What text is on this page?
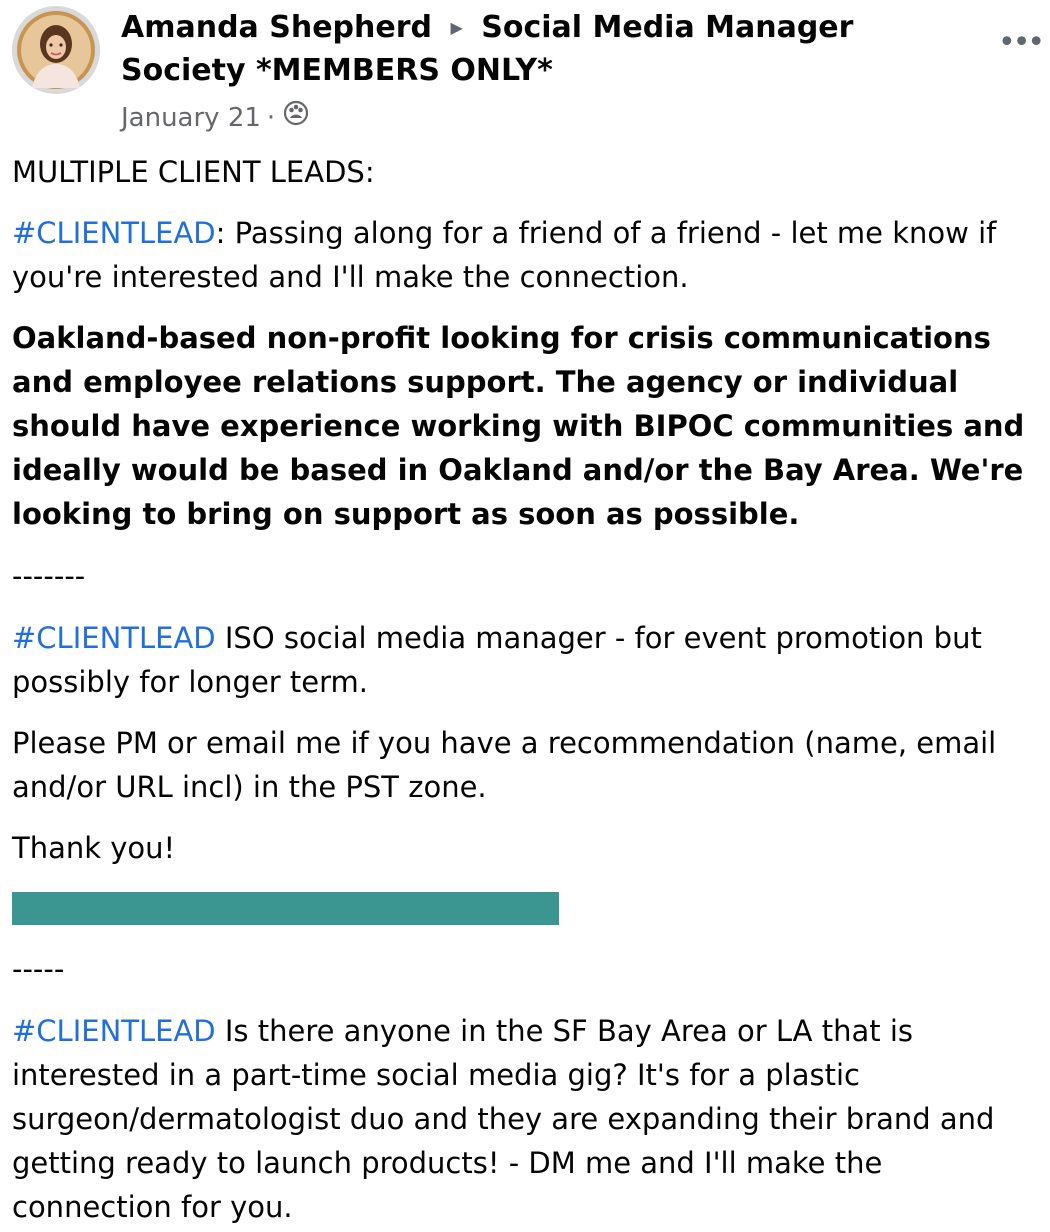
Amanda Shepherd ▶ Social Media Manager Society *MEMBERS ONLY*
•••
January 21 ·

MULTIPLE CLIENT LEADS:

#CLIENTLEAD: Passing along for a friend of a friend - let me know if you're interested and I'll make the connection.

Oakland-based non-profit looking for crisis communications and employee relations support. The agency or individual should have experience working with BIPOC communities and ideally would be based in Oakland and/or the Bay Area. We're looking to bring on support as soon as possible.

-------

#CLIENTLEAD ISO social media manager - for event promotion but possibly for longer term.

Please PM or email me if you have a recommendation (name, email and/or URL incl) in the PST zone.

Thank you!

-----

#CLIENTLEAD Is there anyone in the SF Bay Area or LA that is interested in a part-time social media gig? It's for a plastic surgeon/dermatologist duo and they are expanding their brand and getting ready to launch products! - DM me and I'll make the connection for you.
